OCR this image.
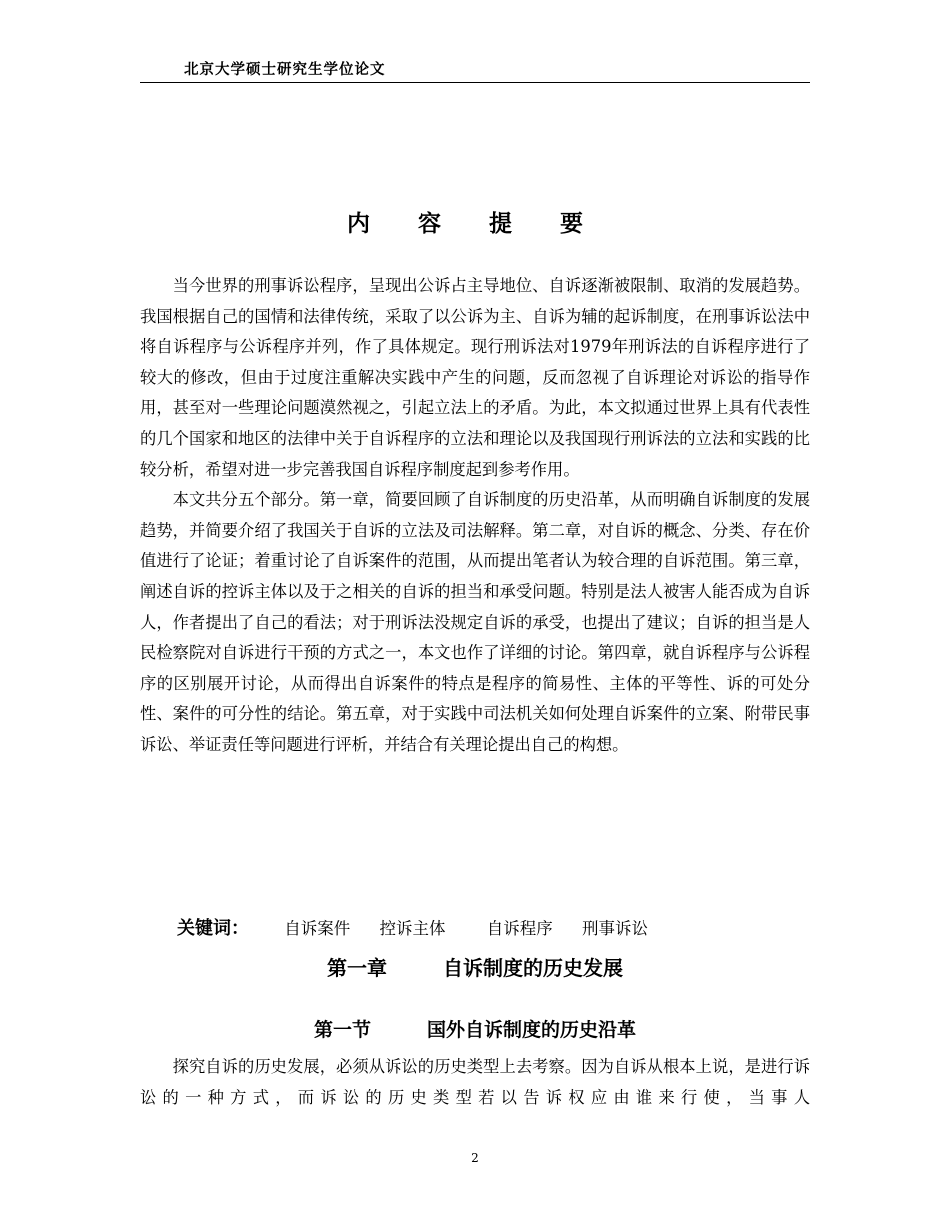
北京大学硕士研究生学位论文
内 容 提 要

当今世界的刑事诉讼程序，呈现出公诉占主导地位、自诉逐渐被限制、取消的发展趋势。我国根据自己的国情和法律传统，采取了以公诉为主、自诉为辅的起诉制度，在刑事诉讼法中将自诉程序与公诉程序并列，作了具体规定。现行刑诉法对1979年刑诉法的自诉程序进行了较大的修改，但由于过度注重解决实践中产生的问题，反而忽视了自诉理论对诉讼的指导作用，甚至对一些理论问题漠然视之，引起立法上的矛盾。为此，本文拟通过世界上具有代表性的几个国家和地区的法律中关于自诉程序的立法和理论以及我国现行刑诉法的立法和实践的比较分析，希望对进一步完善我国自诉程序制度起到参考作用。

本文共分五个部分。第一章，简要回顾了自诉制度的历史沿革，从而明确自诉制度的发展趋势，并简要介绍了我国关于自诉的立法及司法解释。第二章，对自诉的概念、分类、存在价值进行了论证；着重讨论了自诉案件的范围，从而提出笔者认为较合理的自诉范围。第三章，阐述自诉的控诉主体以及于之相关的自诉的担当和承受问题。特别是法人被害人能否成为自诉人，作者提出了自己的看法；对于刑诉法没规定自诉的承受，也提出了建议；自诉的担当是人民检察院对自诉进行干预的方式之一，本文也作了详细的讨论。第四章，就自诉程序与公诉程序的区别展开讨论，从而得出自诉案件的特点是程序的简易性、主体的平等性、诉的可处分性、案件的可分性的结论。第五章，对于实践中司法机关如何处理自诉案件的立案、附带民事诉讼、举证责任等问题进行评析，并结合有关理论提出自己的构想。

关键词： 自诉案件 控诉主体	自诉程序 刑事诉讼
第一章	自诉制度的历史发展
第一节	国外自诉制度的历史沿革

探究自诉的历史发展，必须从诉讼的历史类型上去考察。因为自诉从根本上说，是进行诉讼的一种方式，而诉讼的历史类型若以告诉权应由谁来行使，当事人

2
